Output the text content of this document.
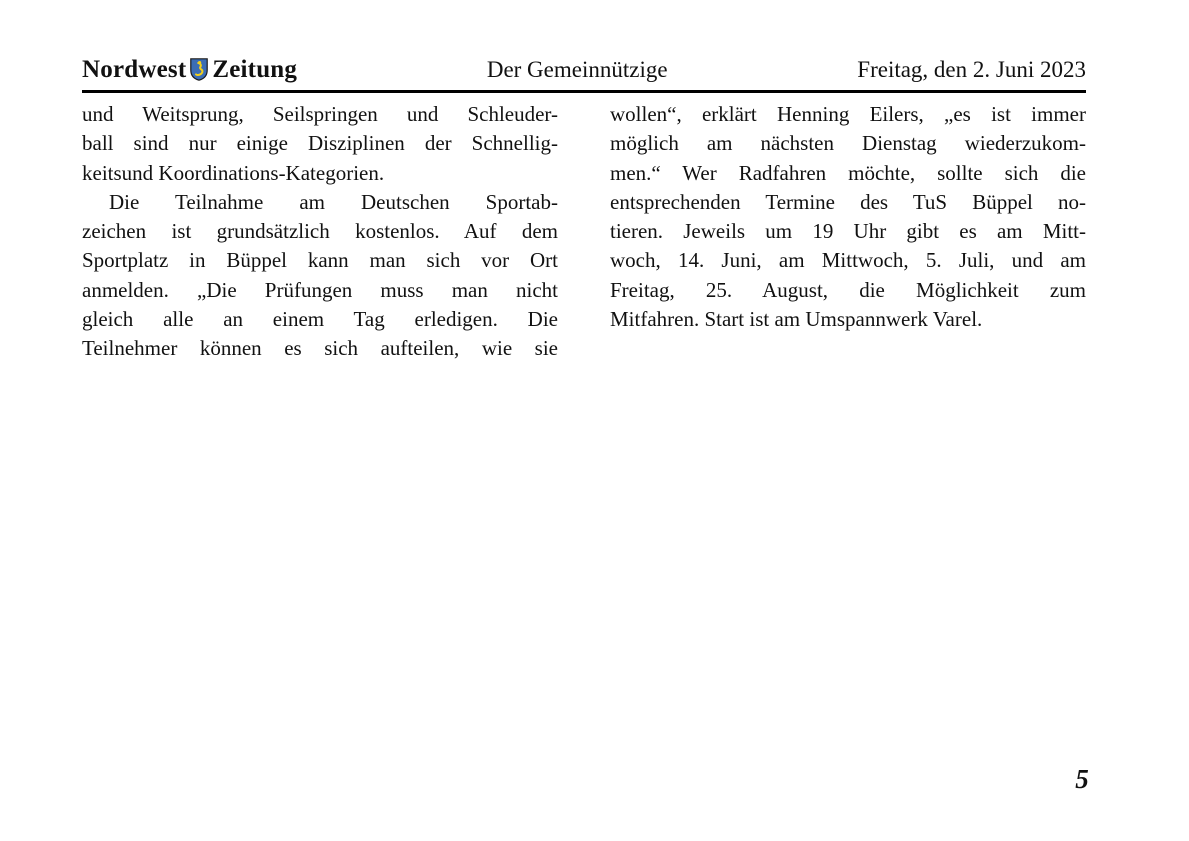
Nordwest Zeitung	Der Gemeinnützige	Freitag, den 2. Juni 2023

und Weitsprung, Seilspringen und Schleuder-
ball sind nur einige Disziplinen der Schnellig-
keitsund Koordinations-Kategorien.

Die Teilnahme am Deutschen Sportab-
zeichen ist grundsätzlich kostenlos. Auf dem
Sportplatz in Büppel kann man sich vor Ort
anmelden. „Die Prüfungen muss man nicht
gleich alle an einem Tag erledigen. Die
Teilnehmer können es sich aufteilen, wie sie

wollen“, erklärt Henning Eilers, „es ist immer
möglich am nächsten Dienstag wiederzukom-
men.“ Wer Radfahren möchte, sollte sich die
entsprechenden Termine des TuS Büppel no-
tieren. Jeweils um 19 Uhr gibt es am Mitt-
woch, 14. Juni, am Mittwoch, 5. Juli, und am
Freitag, 25. August, die Möglichkeit zum
Mitfahren. Start ist am Umspannwerk Varel.

5
